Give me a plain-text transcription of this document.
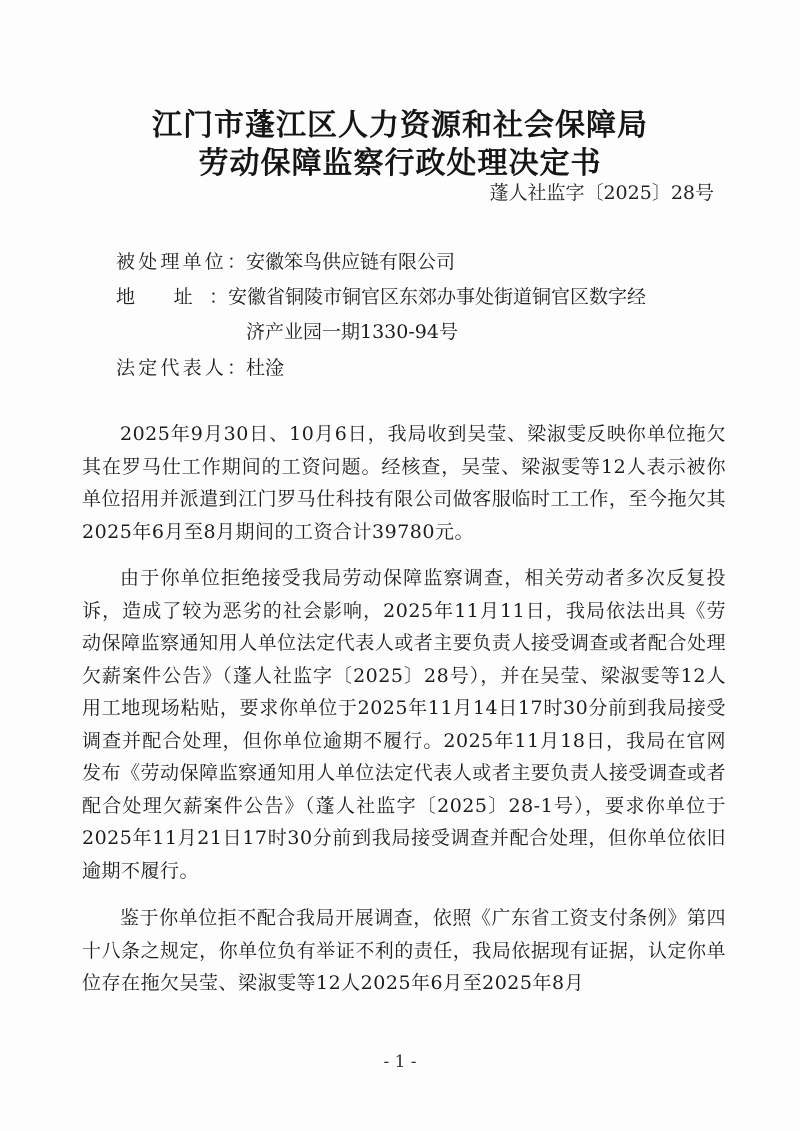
江门市蓬江区人力资源和社会保障局
劳动保障监察行政处理决定书
蓬人社监字〔2025〕28号
被处理单位：安徽笨鸟供应链有限公司
地 址：安徽省铜陵市铜官区东郊办事处街道铜官区数字经
济产业园一期1330-94号
法定代表人：杜淦

2025年9月30日、10月6日，我局收到吴莹、梁淑雯反映你单位拖欠其在罗马仕工作期间的工资问题。经核查，吴莹、梁淑雯等12人表示被你单位招用并派遣到江门罗马仕科技有限公司做客服临时工工作，至今拖欠其2025年6月至8月期间的工资合计39780元。

由于你单位拒绝接受我局劳动保障监察调查，相关劳动者多次反复投诉，造成了较为恶劣的社会影响，2025年11月11日，我局依法出具《劳动保障监察通知用人单位法定代表人或者主要负责人接受调查或者配合处理欠薪案件公告》（蓬人社监字〔2025〕28号），并在吴莹、梁淑雯等12人用工地现场粘贴，要求你单位于2025年11月14日17时30分前到我局接受调查并配合处理，但你单位逾期不履行。2025年11月18日，我局在官网发布《劳动保障监察通知用人单位法定代表人或者主要负责人接受调查或者配合处理欠薪案件公告》（蓬人社监字〔2025〕28-1号），要求你单位于2025年11月21日17时30分前到我局接受调查并配合处理，但你单位依旧逾期不履行。

鉴于你单位拒不配合我局开展调查，依照《广东省工资支付条例》第四十八条之规定，你单位负有举证不利的责任，我局依据现有证据，认定你单位存在拖欠吴莹、梁淑雯等12人2025年6月至2025年8月

- 1 -
